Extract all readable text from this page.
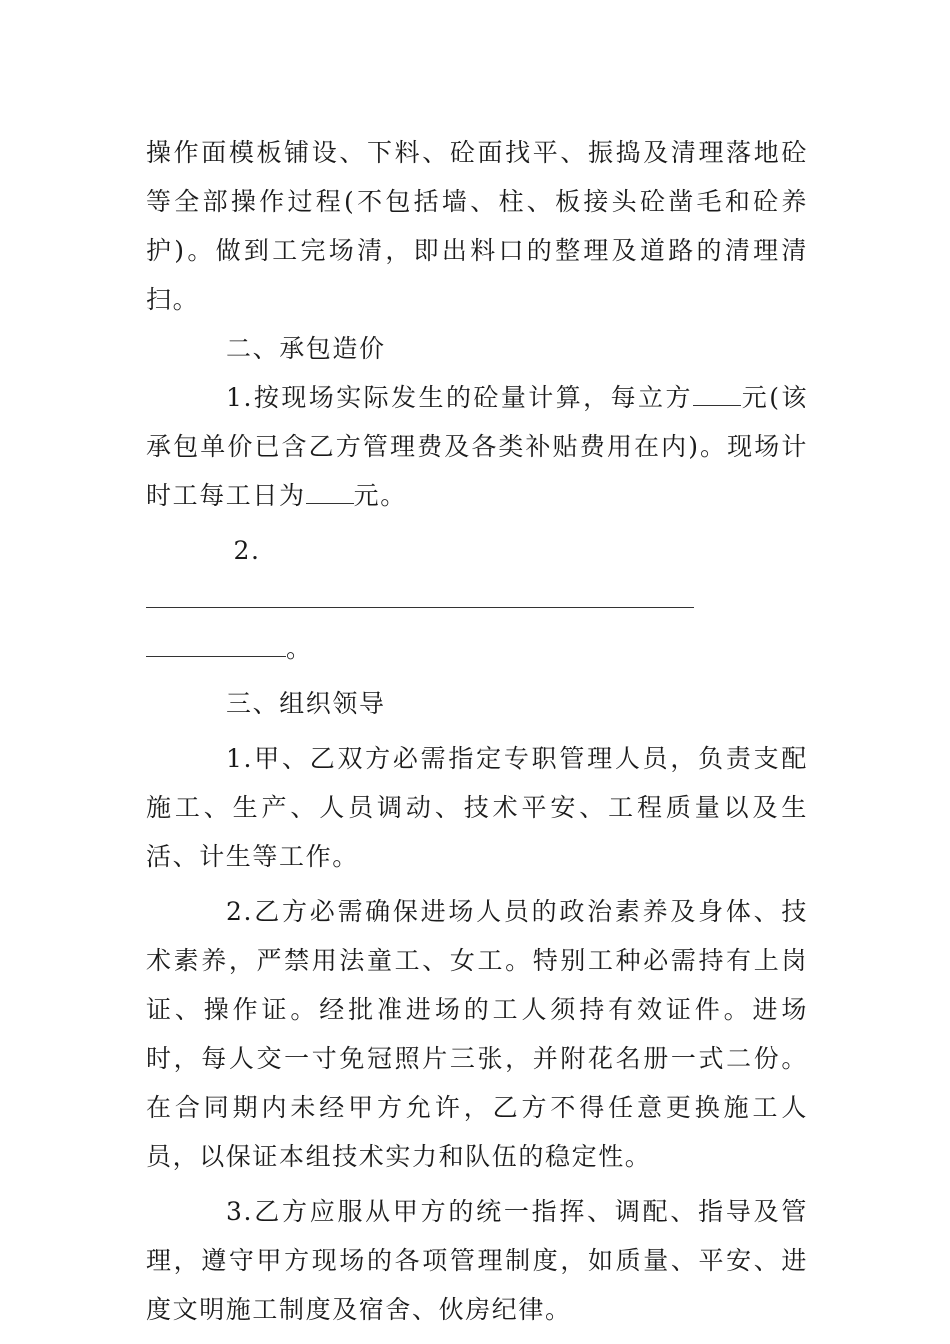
操作面模板铺设、下料、砼面找平、振捣及清理落地砼等全部操作过程(不包括墙、柱、板接头砼凿毛和砼养护)。做到工完场清，即出料口的整理及道路的清理清扫。

二、承包造价

1.按现场实际发生的砼量计算，每立方 元(该承包单价已含乙方管理费及各类补贴费用在内)。现场计时工每工日为 元。

2.

。

三、组织领导

1.甲、乙双方必需指定专职管理人员，负责支配施工、生产、人员调动、技术平安、工程质量以及生活、计生等工作。

2.乙方必需确保进场人员的政治素养及身体、技术素养，严禁用法童工、女工。特别工种必需持有上岗证、操作证。经批准进场的工人须持有效证件。进场时，每人交一寸免冠照片三张，并附花名册一式二份。在合同期内未经甲方允许，乙方不得任意更换施工人员，以保证本组技术实力和队伍的稳定性。

3.乙方应服从甲方的统一指挥、调配、指导及管理，遵守甲方现场的各项管理制度，如质量、平安、进度文明施工制度及宿舍、伙房纪律。
